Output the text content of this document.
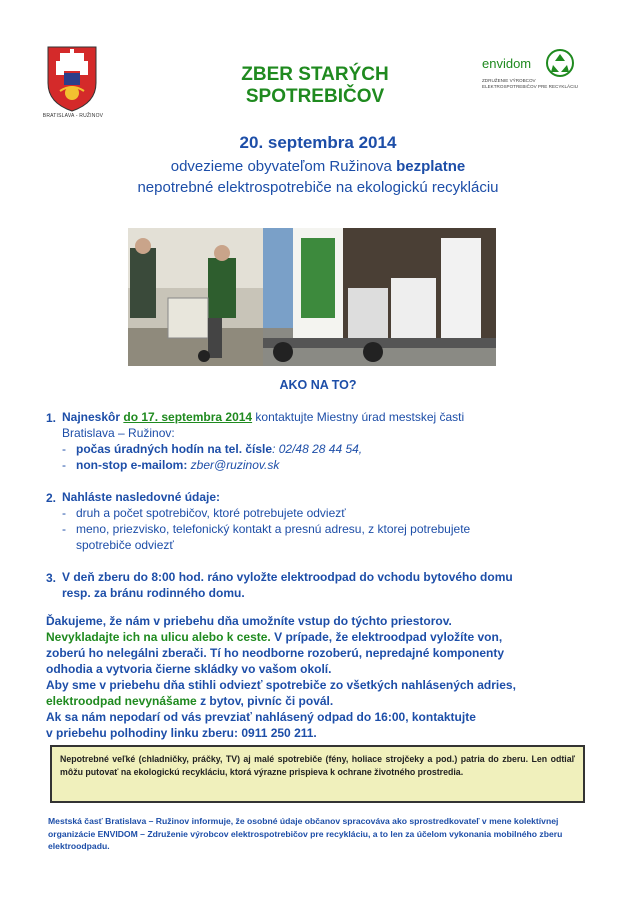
BRATISLAVA - RUŽINOV
ZBER STARÝCH
SPOTREBIČOV
envidom
ZDRUŽENIE VÝROBCOV
ELEKTROSPOTREBIČOV PRE RECYKLÁCIU
20. septembra 2014
odvezieme obyvateľom Ružinova bezplatne
nepotrebné elektrospotrebiče na ekologickú recykláciu
AKO NA TO?
1. Najneskôr do 17. septembra 2014 kontaktujte Miestny úrad mestskej časti
Bratislava – Ružinov:
-   počas úradných hodín na tel. čísle: 02/48 28 44 54,
-   non-stop e-mailom: zber@ruzinov.sk
2. Nahláste nasledovné údaje:
-   druh a počet spotrebičov, ktoré potrebujete odviezť
-   meno, priezvisko, telefonický kontakt a presnú adresu, z ktorej potrebujete
spotrebiče odviezť
3. V deň zberu do 8:00 hod. ráno vyložte elektroodpad do vchodu bytového domu
resp. za bránu rodinného domu.
Ďakujeme, že nám v priebehu dňa umožníte vstup do týchto priestorov.
Nevykladajte ich na ulicu alebo k ceste. V prípade, že elektroodpad vyložíte von,
zoberú ho nelegálni zberači. Tí ho neodborne rozoberú, nepredajné komponenty
odhodia a vytvoria čierne skládky vo vašom okolí.
Aby sme v priebehu dňa stihli odviezť spotrebiče zo všetkých nahlásených adries,
elektroodpad nevynášame z bytov, pivníc či povál.
Ak sa nám nepodarí od vás prevziať nahlásený odpad do 16:00, kontaktujte
v priebehu polhodiny linku zberu: 0911 250 211.
Nepotrebné veľké (chladničky, práčky, TV) aj malé spotrebiče (fény, holiace strojčeky a pod.) patria do zberu. Len odtiaľ môžu putovať na ekologickú recykláciu, ktorá výrazne prispieva k ochrane životného prostredia.
Mestská časť Bratislava – Ružinov informuje, že osobné údaje občanov spracováva ako sprostredkovateľ v mene kolektívnej organizácie ENVIDOM – Združenie výrobcov elektrospotrebičov pre recykláciu, a to len za účelom vykonania mobilného zberu elektroodpadu.
